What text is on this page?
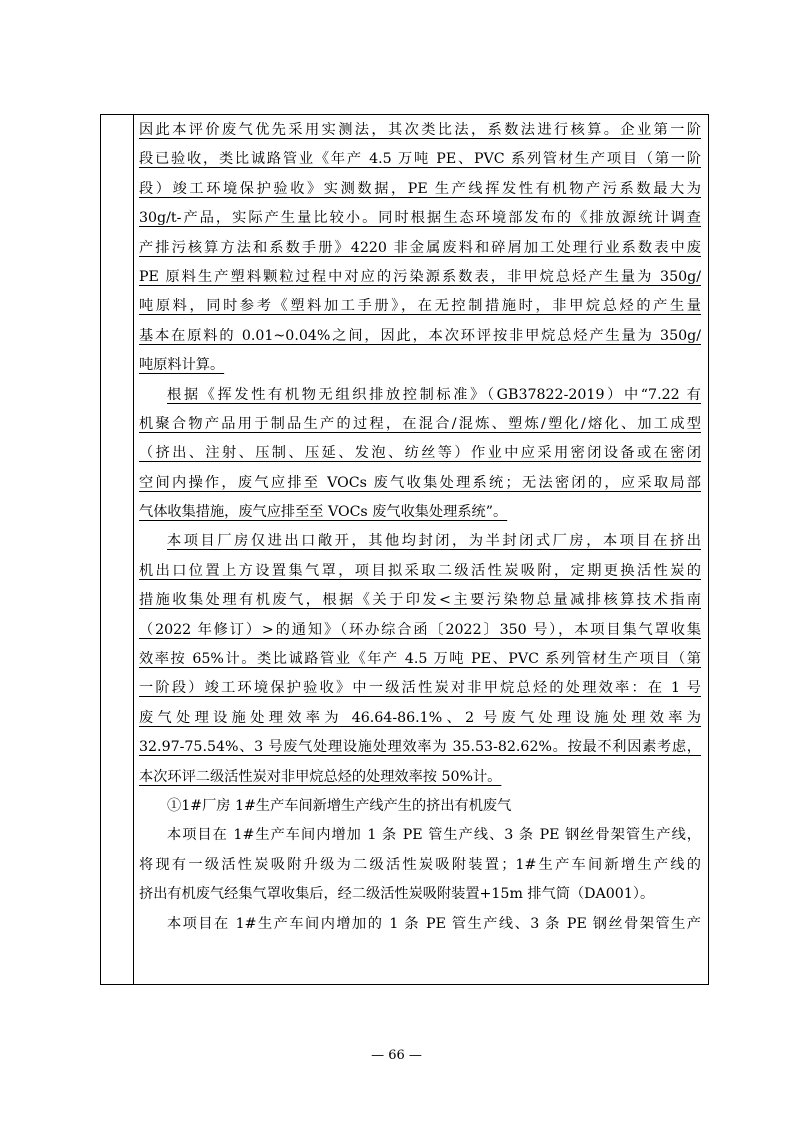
因此本评价废气优先采用实测法，其次类比法，系数法进行核算。企业第一阶
段已验收，类比诚路管业《年产 4.5 万吨 PE、PVC 系列管材生产项目（第一阶
段）竣工环境保护验收》实测数据，PE 生产线挥发性有机物产污系数最大为
30g/t-产品，实际产生量比较小。同时根据生态环境部发布的《排放源统计调查
产排污核算方法和系数手册》4220 非金属废料和碎屑加工处理行业系数表中废
PE 原料生产塑料颗粒过程中对应的污染源系数表，非甲烷总烃产生量为 350g/
吨原料，同时参考《塑料加工手册》，在无控制措施时，非甲烷总烃的产生量
基本在原料的 0.01~0.04%之间，因此，本次环评按非甲烷总烃产生量为 350g/
吨原料计算。
根据《挥发性有机物无组织排放控制标准》（GB37822-2019）中“7.22 有
机聚合物产品用于制品生产的过程，在混合/混炼、塑炼/塑化/熔化、加工成型
（挤出、注射、压制、压延、发泡、纺丝等）作业中应采用密闭设备或在密闭
空间内操作，废气应排至 VOCs 废气收集处理系统；无法密闭的，应采取局部
气体收集措施，废气应排至至 VOCs 废气收集处理系统”。
本项目厂房仅进出口敞开，其他均封闭，为半封闭式厂房，本项目在挤出
机出口位置上方设置集气罩，项目拟采取二级活性炭吸附，定期更换活性炭的
措施收集处理有机废气，根据《关于印发<主要污染物总量减排核算技术指南
（2022 年修订）>的通知》（环办综合函〔2022〕350 号），本项目集气罩收集
效率按 65%计。类比诚路管业《年产 4.5 万吨 PE、PVC 系列管材生产项目（第
一阶段）竣工环境保护验收》中一级活性炭对非甲烷总烃的处理效率：在 1 号
废气处理设施处理效率为 46.64-86.1%、2 号废气处理设施处理效率为
32.97-75.54%、3 号废气处理设施处理效率为 35.53-82.62%。按最不利因素考虑，
本次环评二级活性炭对非甲烷总烃的处理效率按 50%计。
①1#厂房 1#生产车间新增生产线产生的挤出有机废气
本项目在 1#生产车间内增加 1 条 PE 管生产线、3 条 PE 钢丝骨架管生产线，
将现有一级活性炭吸附升级为二级活性炭吸附装置；1#生产车间新增生产线的
挤出有机废气经集气罩收集后，经二级活性炭吸附装置+15m 排气筒（DA001）。
本项目在 1#生产车间内增加的 1 条 PE 管生产线、3 条 PE 钢丝骨架管生产
— 66 —
